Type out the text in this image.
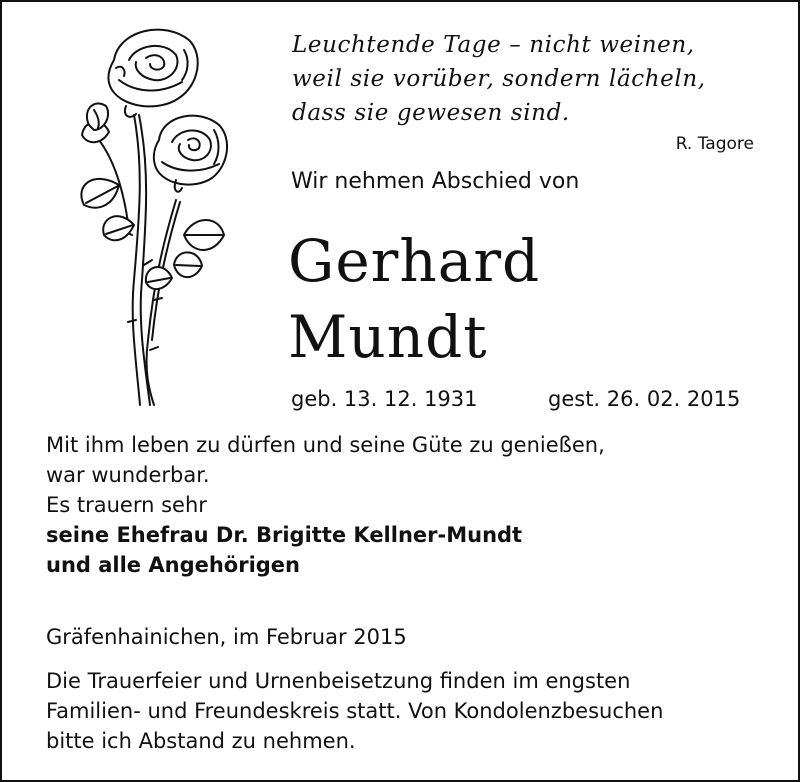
Leuchtende Tage – nicht weinen,
weil sie vorüber, sondern lächeln,
dass sie gewesen sind.
R. Tagore
Wir nehmen Abschied von
Gerhard
Mundt
geb. 13. 12. 1931	gest. 26. 02. 2015
Mit ihm leben zu dürfen und seine Güte zu genießen,
war wunderbar.
Es trauern sehr
seine Ehefrau Dr. Brigitte Kellner-Mundt
und alle Angehörigen
Gräfenhainichen, im Februar 2015
Die Trauerfeier und Urnenbeisetzung finden im engsten
Familien- und Freundeskreis statt. Von Kondolenzbesuchen
bitte ich Abstand zu nehmen.
